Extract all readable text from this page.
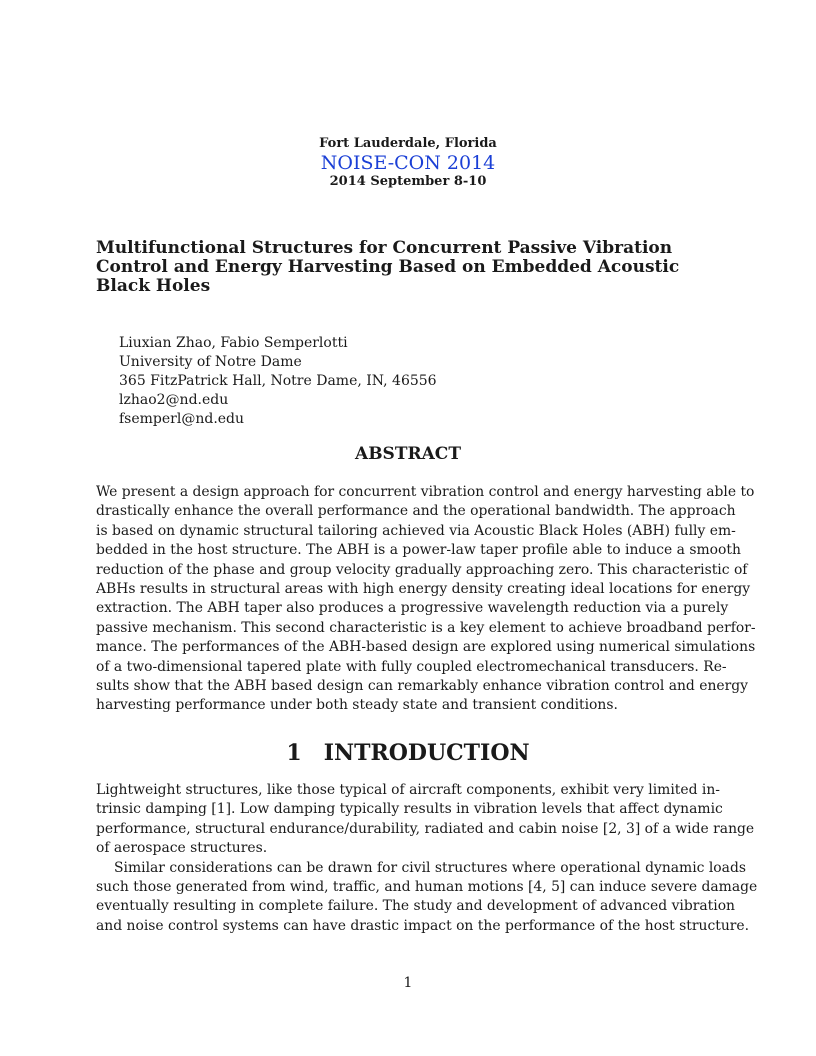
Fort Lauderdale, Florida
NOISE-CON 2014
2014 September 8-10
Multifunctional Structures for Concurrent Passive Vibration
Control and Energy Harvesting Based on Embedded Acoustic
Black Holes
Liuxian Zhao, Fabio Semperlotti
University of Notre Dame
365 FitzPatrick Hall, Notre Dame, IN, 46556
lzhao2@nd.edu
fsemperl@nd.edu
ABSTRACT
We present a design approach for concurrent vibration control and energy harvesting able to
drastically enhance the overall performance and the operational bandwidth. The approach
is based on dynamic structural tailoring achieved via Acoustic Black Holes (ABH) fully em-
bedded in the host structure. The ABH is a power-law taper profile able to induce a smooth
reduction of the phase and group velocity gradually approaching zero. This characteristic of
ABHs results in structural areas with high energy density creating ideal locations for energy
extraction. The ABH taper also produces a progressive wavelength reduction via a purely
passive mechanism. This second characteristic is a key element to achieve broadband perfor-
mance. The performances of the ABH-based design are explored using numerical simulations
of a two-dimensional tapered plate with fully coupled electromechanical transducers. Re-
sults show that the ABH based design can remarkably enhance vibration control and energy
harvesting performance under both steady state and transient conditions.
1 INTRODUCTION
Lightweight structures, like those typical of aircraft components, exhibit very limited in-
trinsic damping [1]. Low damping typically results in vibration levels that affect dynamic
performance, structural endurance/durability, radiated and cabin noise [2, 3] of a wide range
of aerospace structures.
Similar considerations can be drawn for civil structures where operational dynamic loads
such those generated from wind, traffic, and human motions [4, 5] can induce severe damage
eventually resulting in complete failure. The study and development of advanced vibration
and noise control systems can have drastic impact on the performance of the host structure.
1
